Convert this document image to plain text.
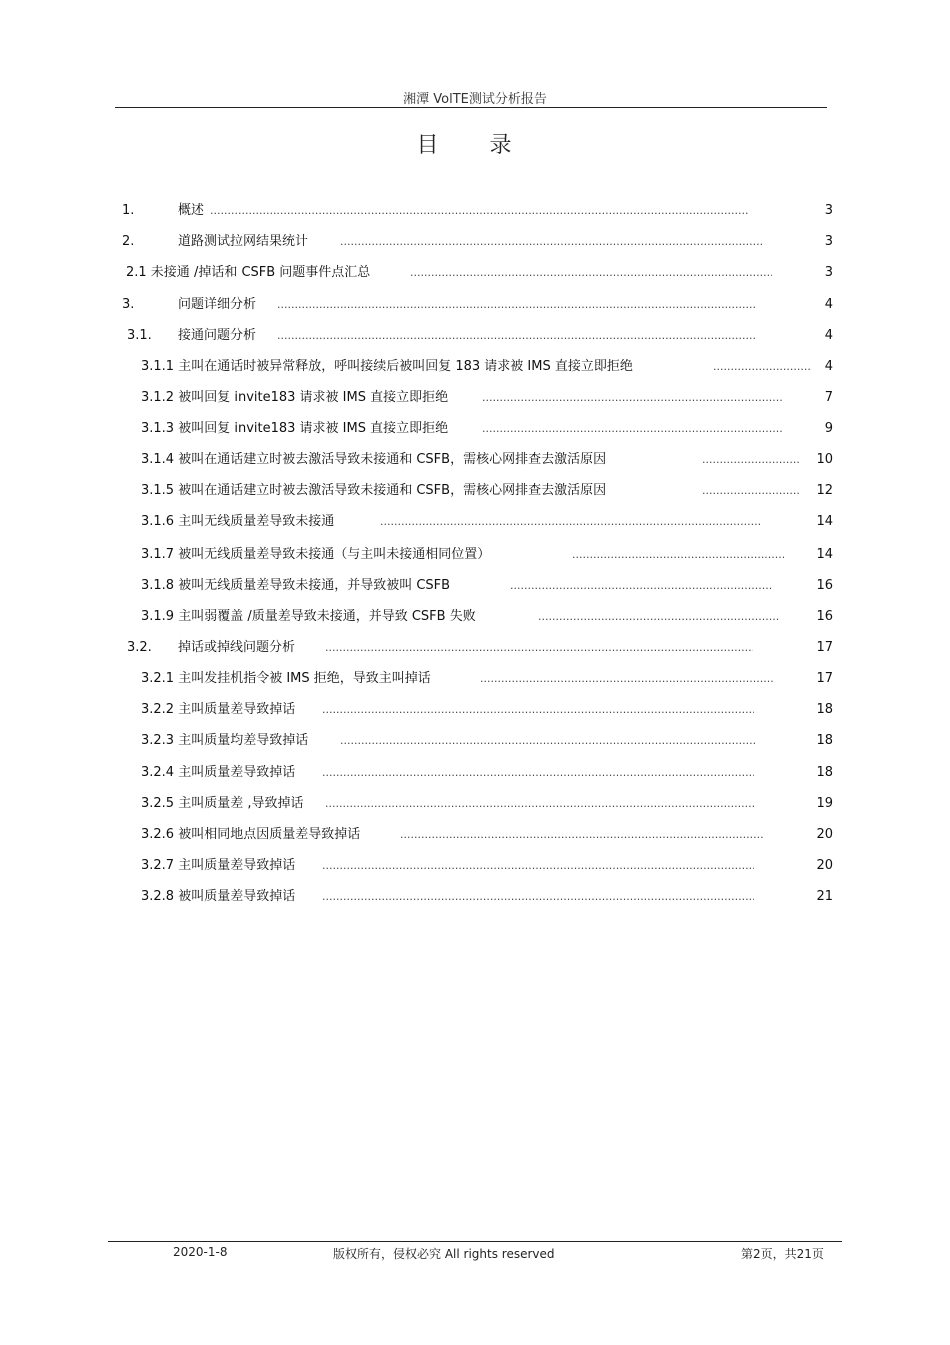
湘潭 VolTE测试分析报告
目 录
1.	概述 .....	3
2.	道路测试拉网结果统计 .....	3
2.1 未接通 /掉话和 CSFB 问题事件点汇总 .....	3
3.	问题详细分析 .....	4
3.1. 接通问题分析 .....	4
3.1.1 主叫在通话时被异常释放，呼叫接续后被叫回复 183 请求被 IMS 直接立即拒绝 .....	4
3.1.2 被叫回复 invite183 请求被 IMS 直接立即拒绝 .....	7
3.1.3 被叫回复 invite183 请求被 IMS 直接立即拒绝 .....	9
3.1.4 被叫在通话建立时被去激活导致未接通和 CSFB，需核心网排查去激活原因 .....	10
3.1.5 被叫在通话建立时被去激活导致未接通和 CSFB，需核心网排查去激活原因 .....	12
3.1.6 主叫无线质量差导致未接通 .....	14
3.1.7 被叫无线质量差导致未接通（与主叫未接通相同位置） .....	14
3.1.8 被叫无线质量差导致未接通，并导致被叫 CSFB .....	16
3.1.9 主叫弱覆盖 /质量差导致未接通，并导致 CSFB 失败 .....	16
3.2. 掉话或掉线问题分析 .....	17
3.2.1 主叫发挂机指令被 IMS 拒绝，导致主叫掉话 .....	17
3.2.2 主叫质量差导致掉话 .....	18
3.2.3 主叫质量均差导致掉话 .....	18
3.2.4 主叫质量差导致掉话 .....	18
3.2.5 主叫质量差 ,导致掉话 .....	19
3.2.6 被叫相同地点因质量差导致掉话 .....	20
3.2.7 主叫质量差导致掉话 .....	20
3.2.8 被叫质量差导致掉话 .....	21
2020-1-8	版权所有，侵权必究 All rights reserved	第2页，共21页
